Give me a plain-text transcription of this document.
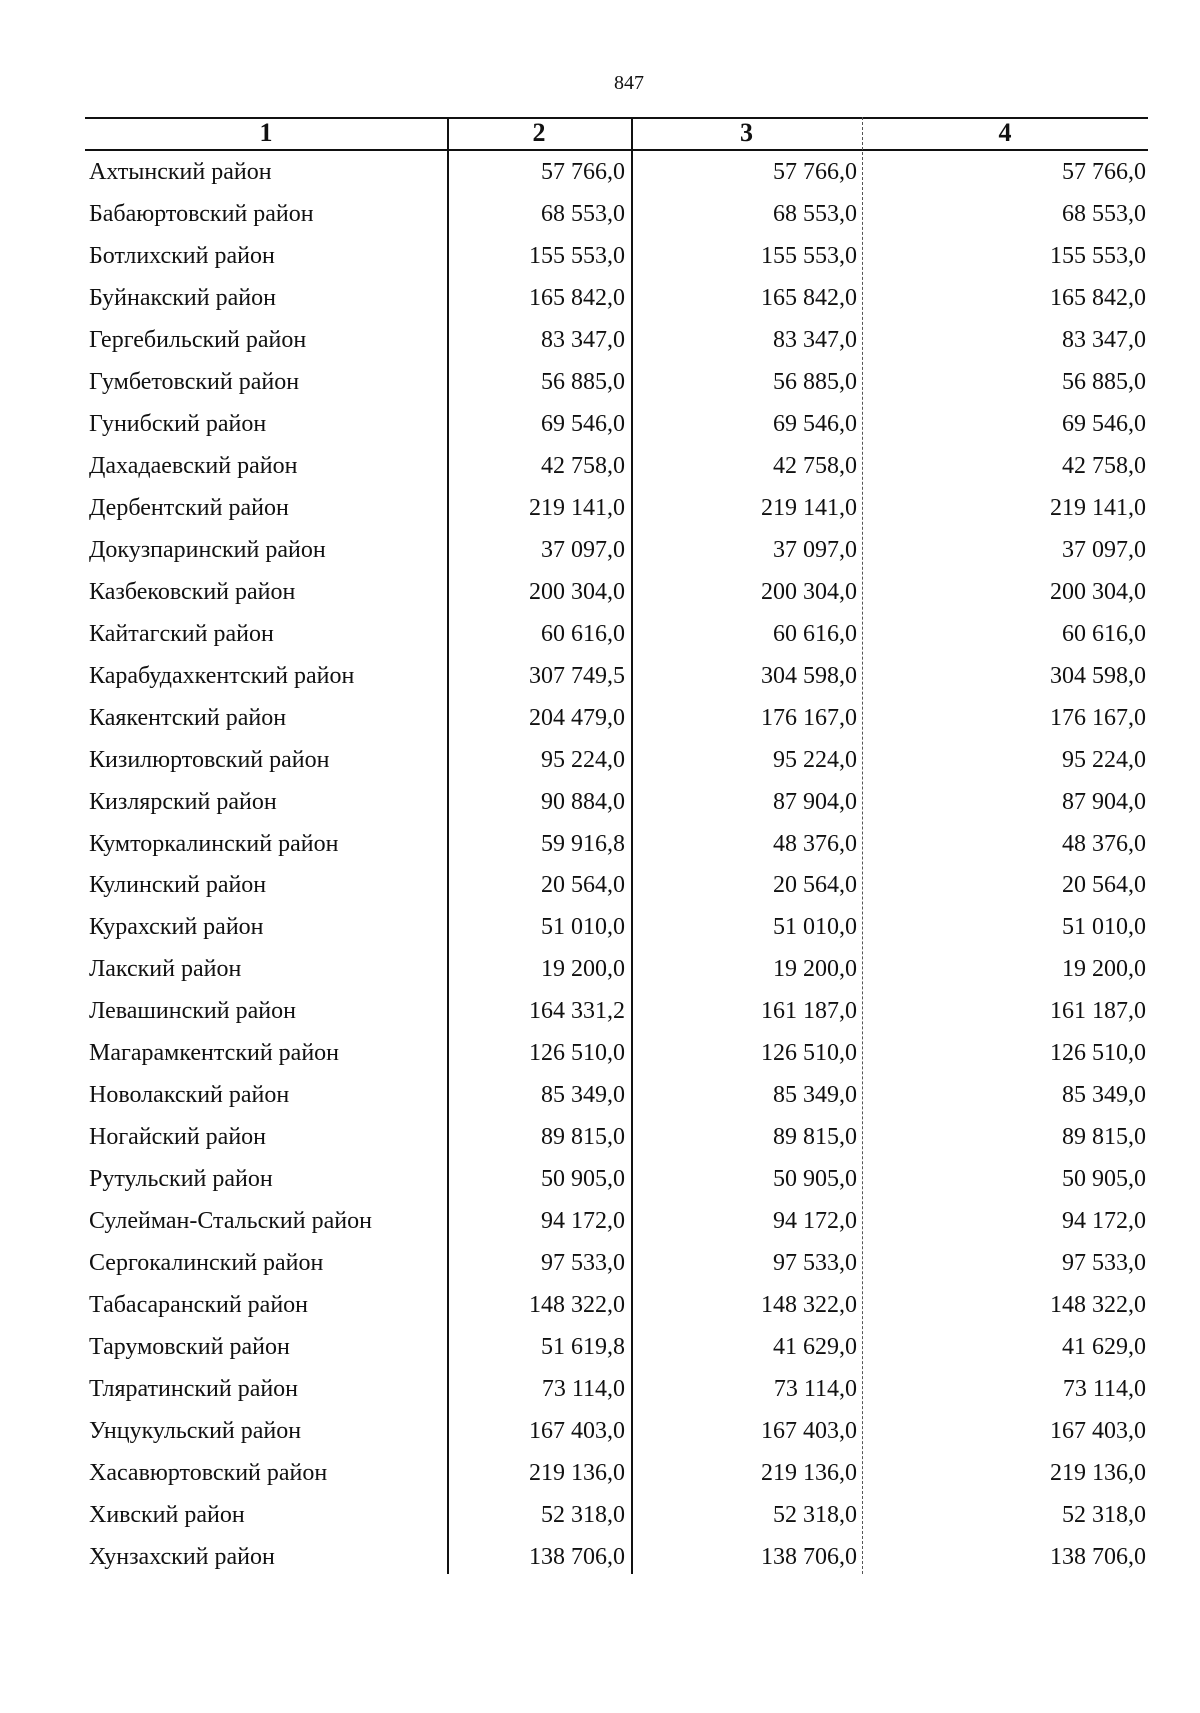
847
1	2	3	4
Ахтынский район	57 766,0	57 766,0	57 766,0
Бабаюртовский район	68 553,0	68 553,0	68 553,0
Ботлихский район	155 553,0	155 553,0	155 553,0
Буйнакский район	165 842,0	165 842,0	165 842,0
Гергебильский район	83 347,0	83 347,0	83 347,0
Гумбетовский район	56 885,0	56 885,0	56 885,0
Гунибский район	69 546,0	69 546,0	69 546,0
Дахадаевский район	42 758,0	42 758,0	42 758,0
Дербентский район	219 141,0	219 141,0	219 141,0
Докузпаринский район	37 097,0	37 097,0	37 097,0
Казбековский район	200 304,0	200 304,0	200 304,0
Кайтагский район	60 616,0	60 616,0	60 616,0
Карабудахкентский район	307 749,5	304 598,0	304 598,0
Каякентский район	204 479,0	176 167,0	176 167,0
Кизилюртовский район	95 224,0	95 224,0	95 224,0
Кизлярский район	90 884,0	87 904,0	87 904,0
Кумторкалинский район	59 916,8	48 376,0	48 376,0
Кулинский район	20 564,0	20 564,0	20 564,0
Курахский район	51 010,0	51 010,0	51 010,0
Лакский район	19 200,0	19 200,0	19 200,0
Левашинский район	164 331,2	161 187,0	161 187,0
Магарамкентский район	126 510,0	126 510,0	126 510,0
Новолакский район	85 349,0	85 349,0	85 349,0
Ногайский район	89 815,0	89 815,0	89 815,0
Рутульский район	50 905,0	50 905,0	50 905,0
Сулейман-Стальский район	94 172,0	94 172,0	94 172,0
Сергокалинский район	97 533,0	97 533,0	97 533,0
Табасаранский район	148 322,0	148 322,0	148 322,0
Тарумовский район	51 619,8	41 629,0	41 629,0
Тляратинский район	73 114,0	73 114,0	73 114,0
Унцукульский район	167 403,0	167 403,0	167 403,0
Хасавюртовский район	219 136,0	219 136,0	219 136,0
Хивский район	52 318,0	52 318,0	52 318,0
Хунзахский район	138 706,0	138 706,0	138 706,0
